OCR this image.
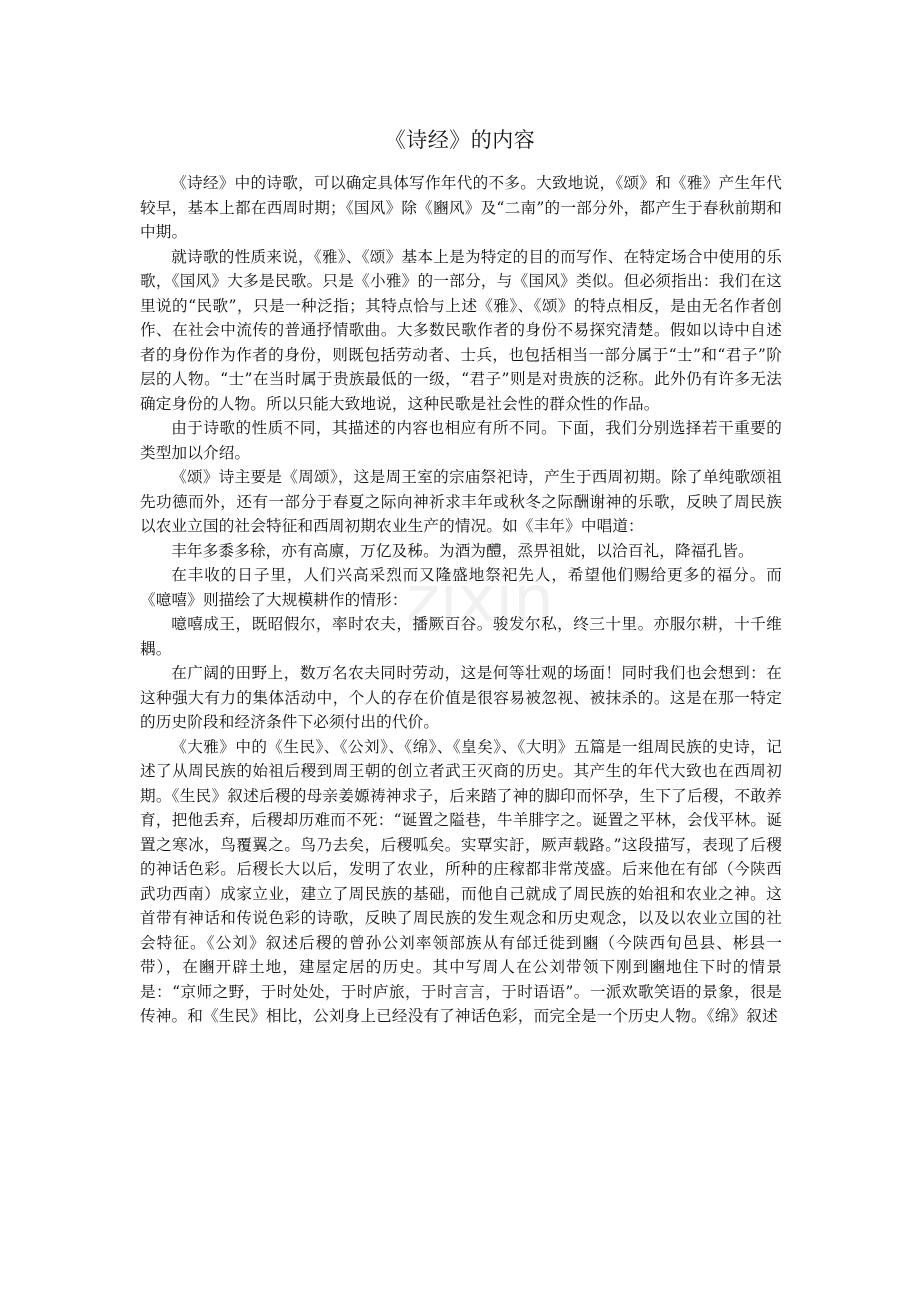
zixin
《诗经》的内容

《诗经》中的诗歌，可以确定具体写作年代的不多。大致地说，《颂》和《雅》产生年代较早，基本上都在西周时期；《国风》除《豳风》及“二南”的一部分外，都产生于春秋前期和中期。

就诗歌的性质来说，《雅》、《颂》基本上是为特定的目的而写作、在特定场合中使用的乐歌，《国风》大多是民歌。只是《小雅》的一部分，与《国风》类似。但必须指出：我们在这里说的“民歌”，只是一种泛指；其特点恰与上述《雅》、《颂》的特点相反，是由无名作者创作、在社会中流传的普通抒情歌曲。大多数民歌作者的身份不易探究清楚。假如以诗中自述者的身份作为作者的身份，则既包括劳动者、士兵，也包括相当一部分属于“士”和“君子”阶层的人物。“士”在当时属于贵族最低的一级，“君子”则是对贵族的泛称。此外仍有许多无法确定身份的人物。所以只能大致地说，这种民歌是社会性的群众性的作品。

由于诗歌的性质不同，其描述的内容也相应有所不同。下面，我们分别选择若干重要的类型加以介绍。

《颂》诗主要是《周颂》，这是周王室的宗庙祭祀诗，产生于西周初期。除了单纯歌颂祖先功德而外，还有一部分于春夏之际向神祈求丰年或秋冬之际酬谢神的乐歌，反映了周民族以农业立国的社会特征和西周初期农业生产的情况。如《丰年》中唱道：

丰年多黍多稌，亦有高廪，万亿及秭。为酒为醴，烝畀祖妣，以洽百礼，降福孔皆。

在丰收的日子里，人们兴高采烈而又隆盛地祭祀先人，希望他们赐给更多的福分。而《噫嘻》则描绘了大规模耕作的情形：

噫嘻成王，既昭假尔，率时农夫，播厥百谷。骏发尔私，终三十里。亦服尔耕，十千维耦。

在广阔的田野上，数万名农夫同时劳动，这是何等壮观的场面！同时我们也会想到：在这种强大有力的集体活动中，个人的存在价值是很容易被忽视、被抹杀的。这是在那一特定的历史阶段和经济条件下必须付出的代价。

《大雅》中的《生民》、《公刘》、《绵》、《皇矣》、《大明》五篇是一组周民族的史诗，记述了从周民族的始祖后稷到周王朝的创立者武王灭商的历史。其产生的年代大致也在西周初期。《生民》叙述后稷的母亲姜嫄祷神求子，后来踏了神的脚印而怀孕，生下了后稷，不敢养育，把他丢弃，后稷却历难而不死：“诞置之隘巷，牛羊腓字之。诞置之平林，会伐平林。诞置之寒冰，鸟覆翼之。鸟乃去矣，后稷呱矣。实覃实訏，厥声载路。”这段描写，表现了后稷的神话色彩。后稷长大以后，发明了农业，所种的庄稼都非常茂盛。后来他在有邰（今陕西武功西南）成家立业，建立了周民族的基础，而他自己就成了周民族的始祖和农业之神。这首带有神话和传说色彩的诗歌，反映了周民族的发生观念和历史观念，以及以农业立国的社会特征。《公刘》叙述后稷的曾孙公刘率领部族从有邰迁徙到豳（今陕西旬邑县、彬县一带），在豳开辟土地，建屋定居的历史。其中写周人在公刘带领下刚到豳地住下时的情景是：“京师之野，于时处处，于时庐旅，于时言言，于时语语”。一派欢歌笑语的景象，很是传神。和《生民》相比，公刘身上已经没有了神话色彩，而完全是一个历史人物。《绵》叙述
